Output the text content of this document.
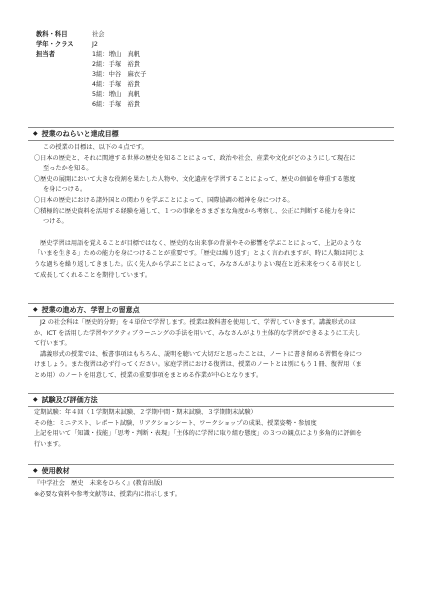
教科・科目	社会
学年・クラス	J2
担当者	1組：増山　真帆
2組：手塚　裕貴
3組：中谷　麻衣子
4組：手塚　裕貴
5組：増山　真帆
6組：手塚　裕貴
◆ 授業のねらいと達成目標
この授業の目標は、以下の４点です。
〇日本の歴史と、それに関連する世界の歴史を知ることによって、政治や社会、産業や文化がどのようにして現在に
至ったかを知る。
〇歴史の展開において大きな役割を果たした人物や、文化遺産を学習することによって、歴史の価値を尊重する態度
を身につける。
〇日本の歴史における諸外国との関わりを学ぶことによって、国際協調の精神を身につける。
〇積極的に歴史資料を活用する経験を通して、１つの事象をさまざまな角度から考察し、公正に判断する能力を身に
つける。
歴史学習は用語を覚えることが目標ではなく、歴史的な出来事の背景やその影響を学ぶことによって、上記のような
「いまを生きる」ための能力を身につけることが重要です。「歴史は繰り返す」とよく言われますが、時に人類は同じよ
うな過ちを繰り返してきました。広く先人から学ぶことによって、みなさんがよりよい現在と近未来をつくる市民とし
て成長してくれることを期待しています。
◆ 授業の進め方、学習上の留意点
J2 の社会科は「歴史的分野」を４単位で学習します。授業は教科書を使用して、学習していきます。講義形式のほ
か、ICT を活用した学習やアクティブラーニングの手法を用いて、みなさんがより主体的な学習ができるように工夫し
て行います。
講義形式の授業では、板書事項はもちろん、説明を聴いて大切だと思ったことは、ノートに書き留める習慣を身につ
けましょう。また復習は必ず行ってください。家庭学習における復習は、授業のノートとは別にもう１冊、復習用（ま
とめ用）のノートを用意して、授業の重要事項をまとめる作業が中心となります。
◆ 試験及び評価方法
定期試験：年４回（１学期期末試験、２学期中間・期末試験、３学期期末試験）
その他：ミニテスト、レポート試験、リアクションシート、ワークショップの成果、授業姿勢・参加度
上記を用いて「知識・技能」「思考・判断・表現」「主体的に学習に取り組む態度」の３つの観点により多角的に評価を
行います。
◆ 使用教材
『中学社会　歴史　未来をひらく』(教育出版)
※必要な資料や参考文献等は、授業内に指示します。
